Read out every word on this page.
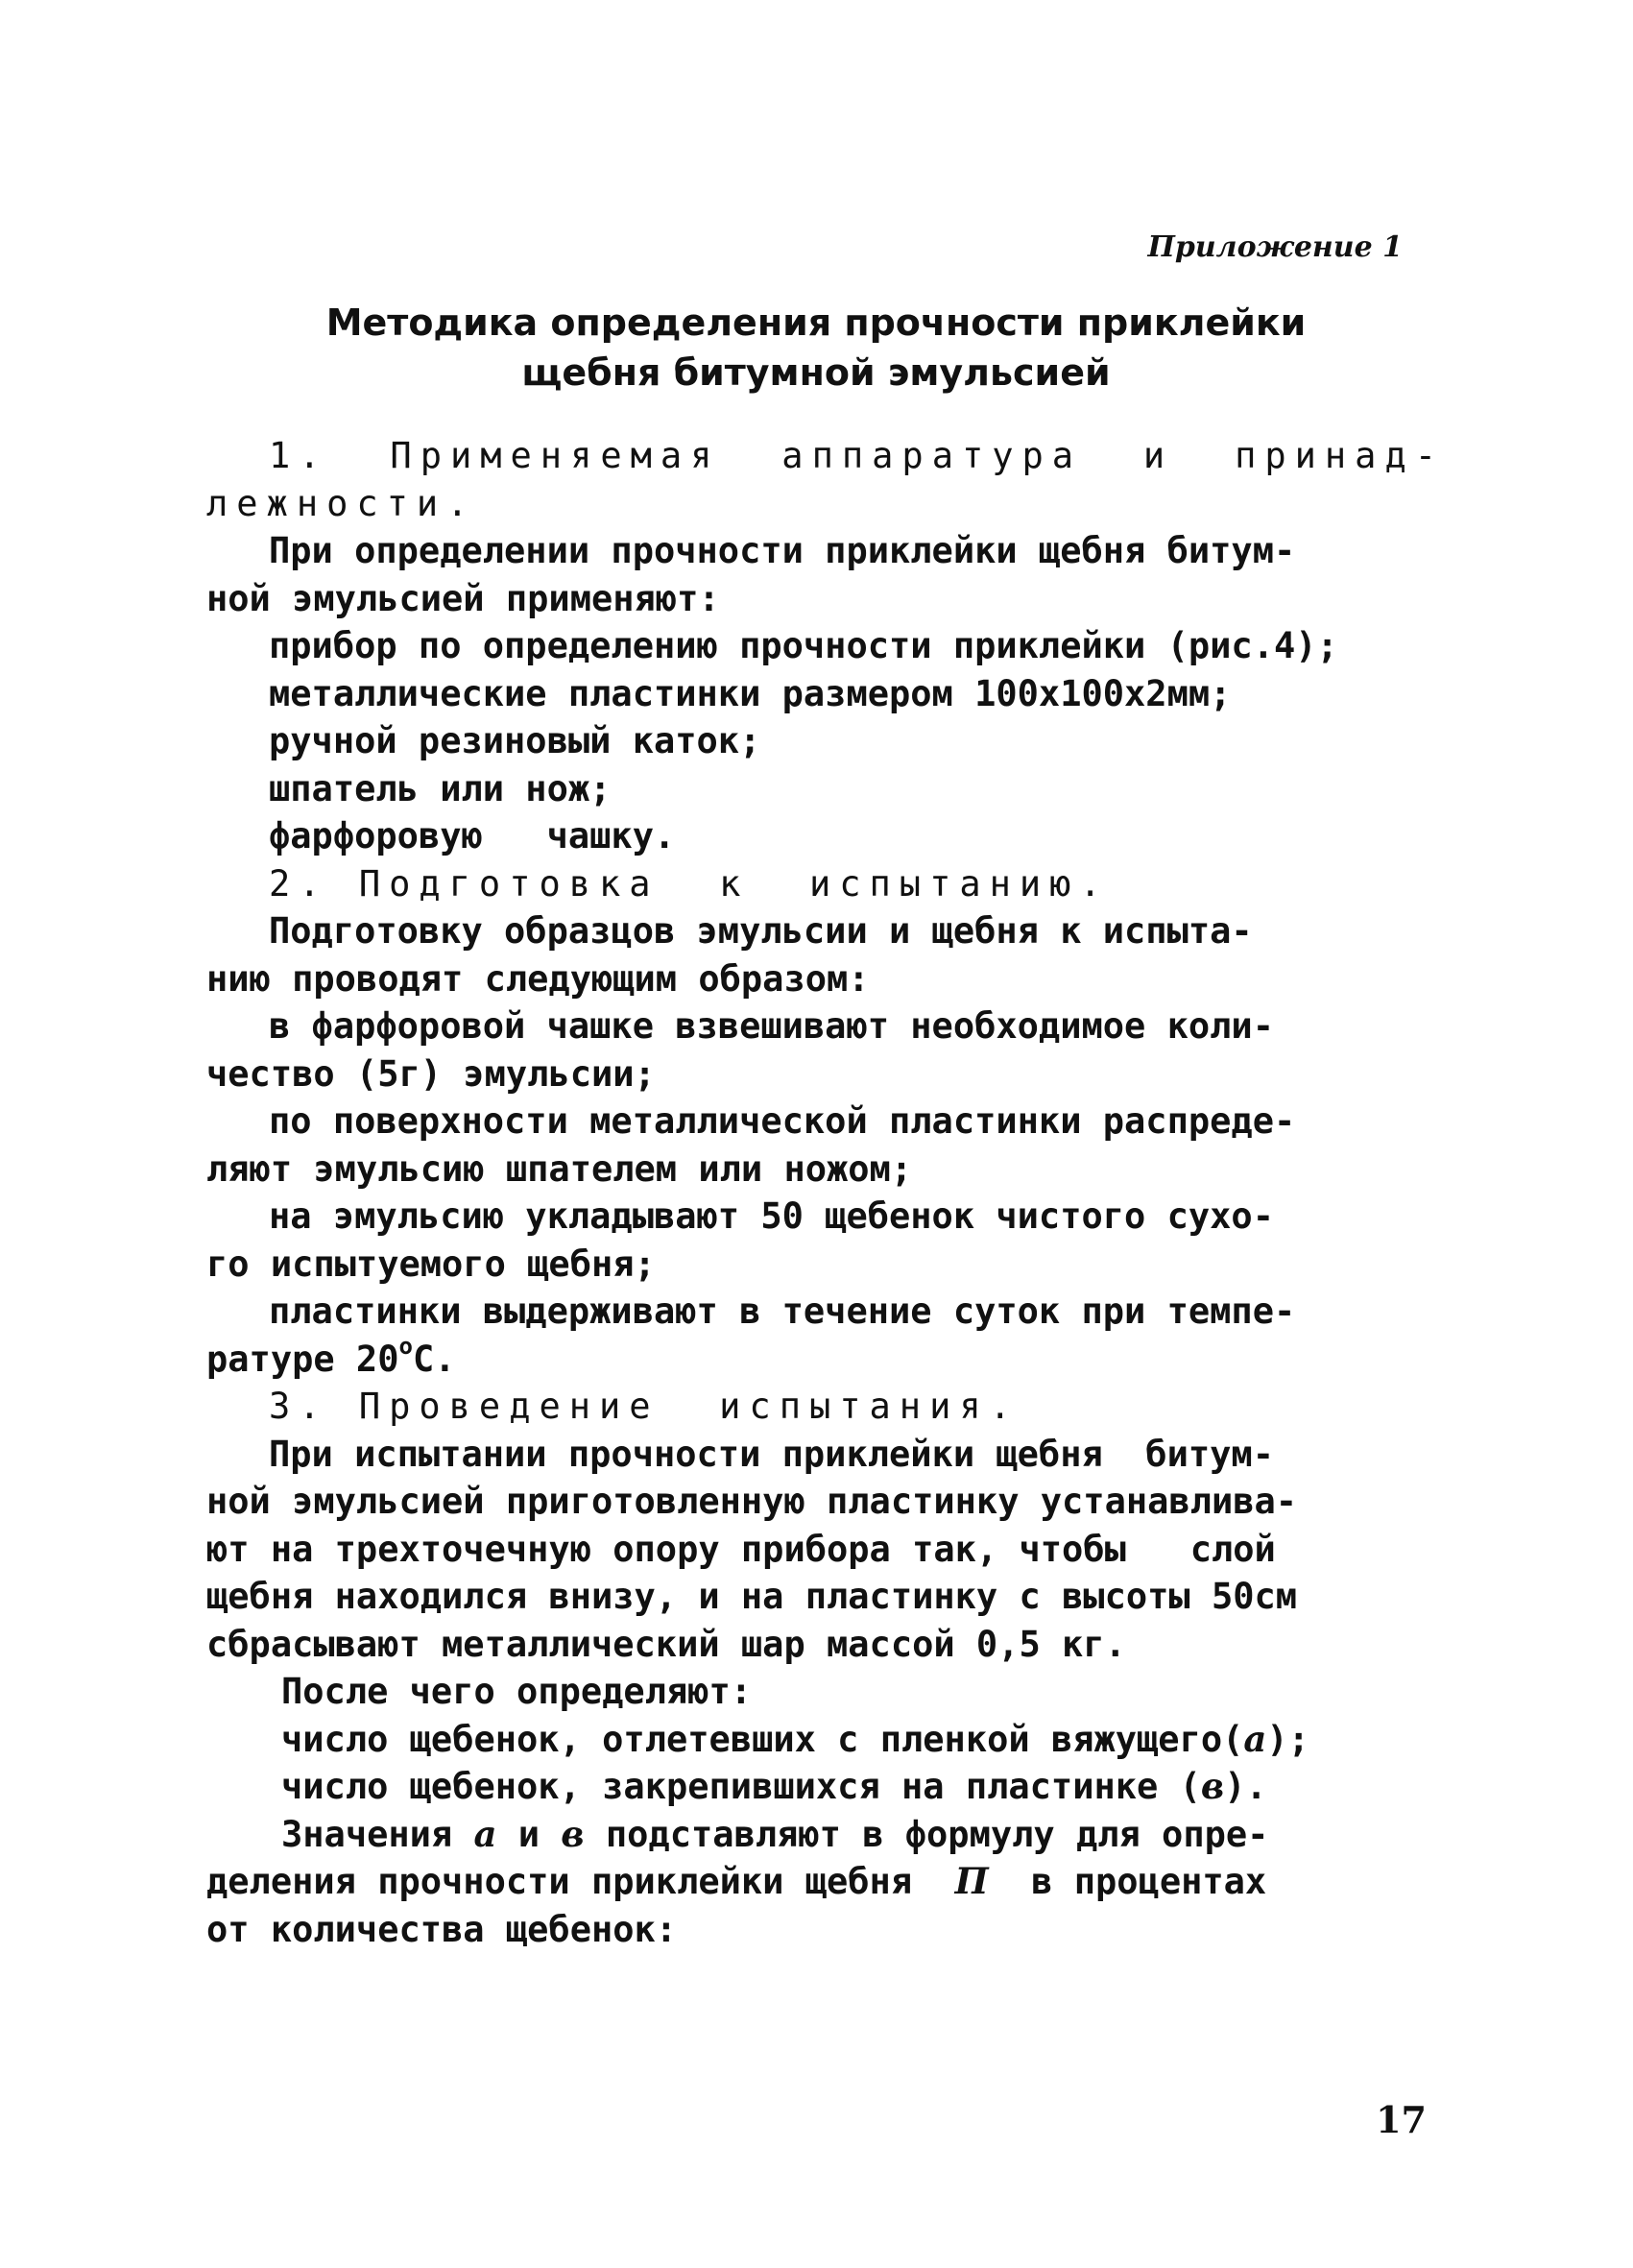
Приложение 1
Методика определения прочности приклейки
щебня битумной эмульсией
1. Применяемая аппаратура и принад-
лежности.
При определении прочности приклейки щебня битум-
ной эмульсией применяют:
прибор по определению прочности приклейки (рис.4);
металлические пластинки размером 100х100х2мм;
ручной резиновый каток;
шпатель или нож;
фарфоровую   чашку.
2. Подготовка  к  испытанию.
Подготовку образцов эмульсии и щебня к испыта-
нию проводят следующим образом:
в фарфоровой чашке взвешивают необходимое коли-
чество (5г) эмульсии;
по поверхности металлической пластинки распреде-
ляют эмульсию шпателем или ножом;
на эмульсию укладывают 50 щебенок чистого сухо-
го испытуемого щебня;
пластинки выдерживают в течение суток при темпе-
ратуре 20$^o$С.
3. Проведение  испытания.
При испытании прочности приклейки щебня  битум-
ной эмульсией приготовленную пластинку устанавлива-
ют на трехточечную опору прибора так, чтобы   слой
щебня находился внизу, и на пластинку с высоты 50см
сбрасывают металлический шар массой 0,5 кг.
После чего определяют:
число щебенок, отлетевших с пленкой вяжущего(а);
число щебенок, закрепившихся на пластинке (в).
Значения а и в подставляют в формулу для опре-
деления прочности приклейки щебня  П  в процентах
от количества щебенок:
17
